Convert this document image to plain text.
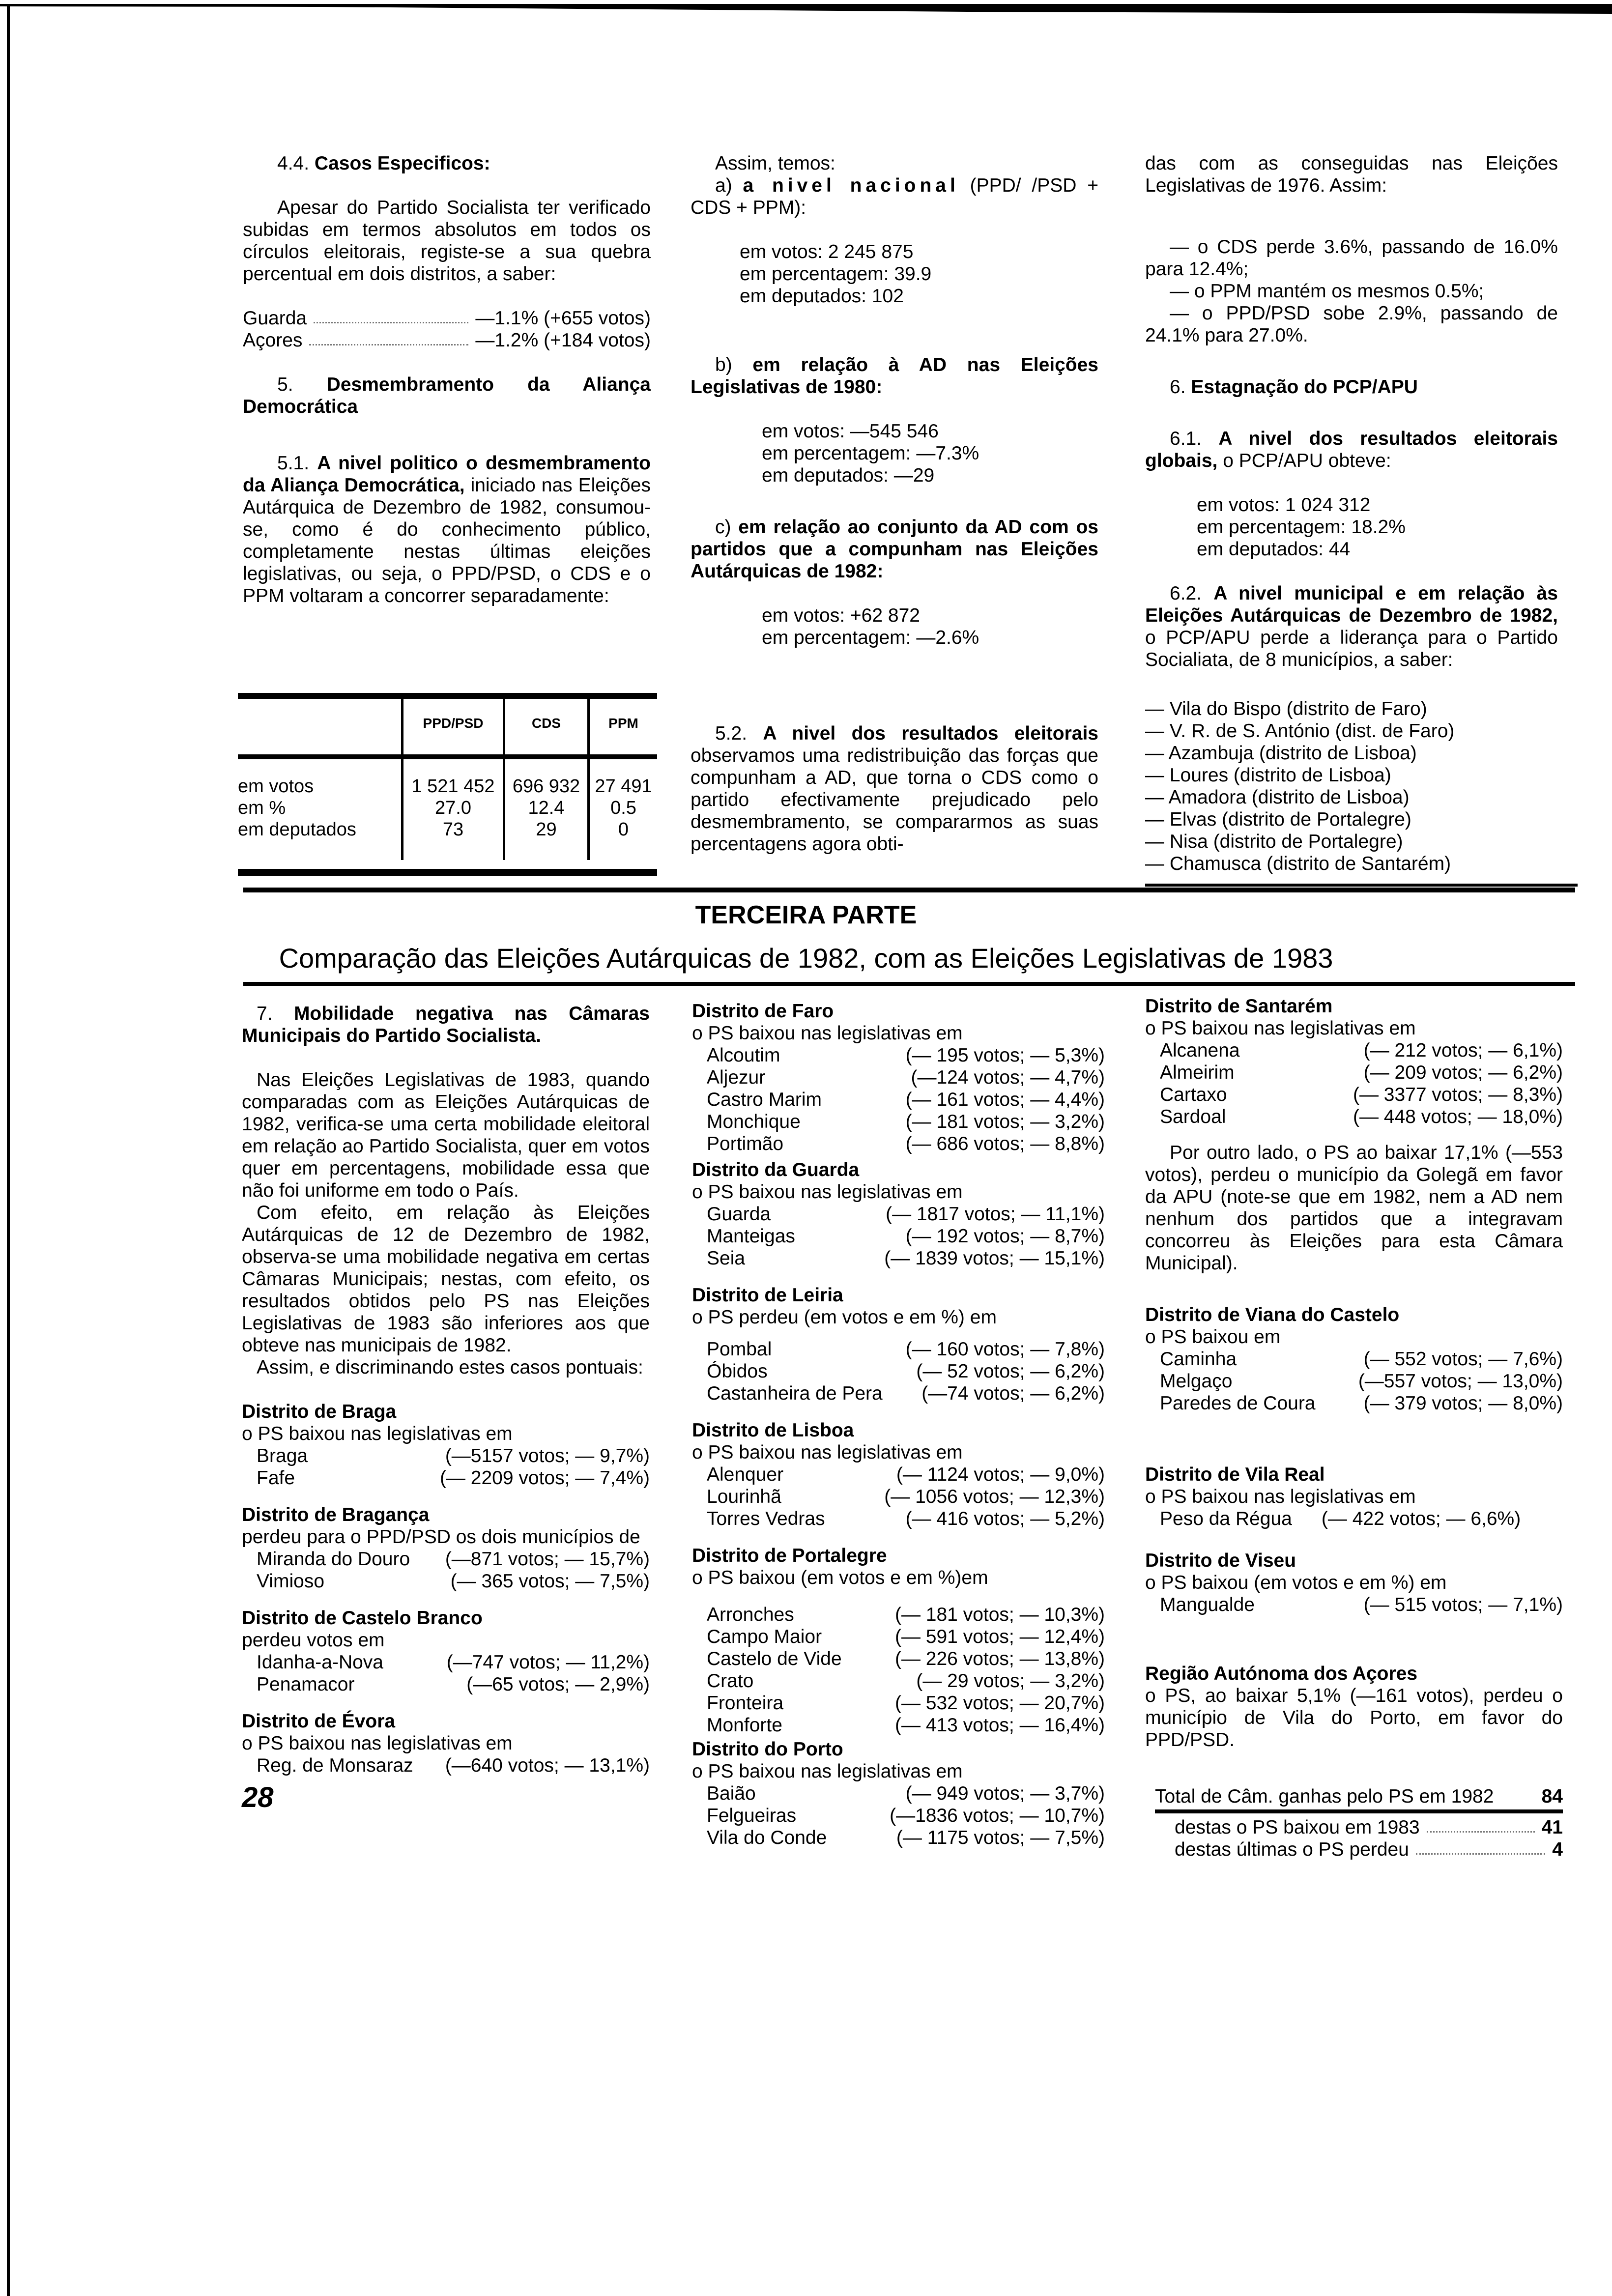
4.4. Casos Especificos:

Apesar do Partido Socialista ter verificado subidas em termos absolutos em todos os círculos eleitorais, registe-se a sua quebra percentual em dois distritos, a saber:

Guarda	—1.1% (+655 votos)
Açores	—1.2% (+184 votos)

5. Desmembramento da Aliança Democrática

5.1. A nivel politico o desmembramento da Aliança Democrática, iniciado nas Eleições Autárquica de Dezembro de 1982, consumou-se, como é do conhecimento público, completamente nestas últimas eleições legislativas, ou seja, o PPD/PSD, o CDS e o PPM voltaram a concorrer separadamente:

	PPD/PSD	CDS	PPM

em votos	1 521 452	696 932	27 491
em %	27.0	12.4	0.5
em deputados	73	29	0

Assim, temos:

a) a nivel nacional (PPD/ /PSD + CDS + PPM):

em votos: 2 245 875

em percentagem: 39.9

em deputados: 102

b) em relação à AD nas Eleições Legislativas de 1980:

em votos: —545 546

em percentagem: —7.3%

em deputados: —29

c) em relação ao conjunto da AD com os partidos que a compunham nas Eleições Autárquicas de 1982:

em votos: +62 872

em percentagem: —2.6%

5.2. A nivel dos resultados eleitorais observamos uma redistribuição das forças que compunham a AD, que torna o CDS como o partido efectivamente prejudicado pelo desmembramento, se compararmos as suas percentagens agora obti-

das com as conseguidas nas Eleições Legislativas de 1976. Assim:

— o CDS perde 3.6%, passando de 16.0% para 12.4%;

— o PPM mantém os mesmos 0.5%;

— o PPD/PSD sobe 2.9%, passando de 24.1% para 27.0%.

6. Estagnação do PCP/APU

6.1. A nivel dos resultados eleitorais globais, o PCP/APU obteve:

em votos: 1 024 312

em percentagem: 18.2%

em deputados: 44

6.2. A nivel municipal e em relação às Eleições Autárquicas de Dezembro de 1982, o PCP/APU perde a liderança para o Partido Socialiata, de 8 municípios, a saber:

— Vila do Bispo (distrito de Faro)

— V. R. de S. António (dist. de Faro)

— Azambuja (distrito de Lisboa)

— Loures (distrito de Lisboa)

— Amadora (distrito de Lisboa)

— Elvas (distrito de Portalegre)

— Nisa (distrito de Portalegre)

— Chamusca (distrito de Santarém)

TERCEIRA PARTE
Comparação das Eleições Autárquicas de 1982, com as Eleições Legislativas de 1983

7. Mobilidade negativa nas Câmaras Municipais do Partido Socialista.

Nas Eleições Legislativas de 1983, quando comparadas com as Eleições Autárquicas de 1982, verifica-se uma certa mobilidade eleitoral em relação ao Partido Socialista, quer em votos quer em percentagens, mobilidade essa que não foi uniforme em todo o País.

Com efeito, em relação às Eleições Autárquicas de 12 de Dezembro de 1982, observa-se uma mobilidade negativa em certas Câmaras Municipais; nestas, com efeito, os resultados obtidos pelo PS nas Eleições Legislativas de 1983 são inferiores aos que obteve nas municipais de 1982.

Assim, e discriminando estes casos pontuais:

Distrito de Braga

o PS baixou nas legislativas em

Braga	(—5157 votos; — 9,7%)
Fafe	(— 2209 votos; — 7,4%)

Distrito de Bragança

perdeu para o PPD/PSD os dois municípios de

Miranda do Douro (—871 votos; — 15,7%)
Vimioso	(— 365 votos; — 7,5%)

Distrito de Castelo Branco

perdeu votos em

Idanha-a-Nova	(—747 votos; — 11,2%)
Penamacor	(—65 votos; — 2,9%)

Distrito de Évora

o PS baixou nas legislativas em

Reg. de Monsaraz (—640 votos; — 13,1%)
28

Distrito de Faro

o PS baixou nas legislativas em

Alcoutim	(— 195 votos; — 5,3%)
Aljezur	(—124 votos; — 4,7%)
Castro Marim	(— 161 votos; — 4,4%)
Monchique	(— 181 votos; — 3,2%)
Portimão	(— 686 votos; — 8,8%)

Distrito da Guarda

o PS baixou nas legislativas em

Guarda	(— 1817 votos; — 11,1%)
Manteigas	(— 192 votos; — 8,7%)
Seia	(— 1839 votos; — 15,1%)

Distrito de Leiria

o PS perdeu (em votos e em %) em

Pombal	(— 160 votos; — 7,8%)
Óbidos	(— 52 votos; — 6,2%)
Castanheira de Pera (—74 votos; — 6,2%)

Distrito de Lisboa

o PS baixou nas legislativas em

Alenquer	(— 1124 votos; — 9,0%)
Lourinhã	(— 1056 votos; — 12,3%)
Torres Vedras	(— 416 votos; — 5,2%)

Distrito de Portalegre

o PS baixou (em votos e em %)em

Arronches	(— 181 votos; — 10,3%)
Campo Maior	(— 591 votos; — 12,4%)
Castelo de Vide	(— 226 votos; — 13,8%)
Crato	(— 29 votos; — 3,2%)
Fronteira	(— 532 votos; — 20,7%)
Monforte	(— 413 votos; — 16,4%)

Distrito do Porto

o PS baixou nas legislativas em

Baião	(— 949 votos; — 3,7%)
Felgueiras	(—1836 votos; — 10,7%)
Vila do Conde	(— 1175 votos; — 7,5%)

Distrito de Santarém

o PS baixou nas legislativas em

Alcanena	(— 212 votos; — 6,1%)
Almeirim	(— 209 votos; — 6,2%)
Cartaxo	(— 3377 votos; — 8,3%)
Sardoal	(— 448 votos; — 18,0%)

Por outro lado, o PS ao baixar 17,1% (—553 votos), perdeu o município da Golegã em favor da APU (note-se que em 1982, nem a AD nem nenhum dos partidos que a integravam concorreu às Eleições para esta Câmara Municipal).

Distrito de Viana do Castelo

o PS baixou em

Caminha	(— 552 votos; — 7,6%)
Melgaço	(—557 votos; — 13,0%)
Paredes de Coura	(— 379 votos; — 8,0%)

Distrito de Vila Real

o PS baixou nas legislativas em

Peso da Régua (— 422 votos; — 6,6%)

Distrito de Viseu

o PS baixou (em votos e em %) em

Mangualde	(— 515 votos; — 7,1%)

Região Autónoma dos Açores

o PS, ao baixar 5,1% (—161 votos), perdeu o município de Vila do Porto, em favor do PPD/PSD.

Total de Câm. ganhas pelo PS em 1982 84
destas o PS baixou em 1983	41
destas últimas o PS perdeu	4
